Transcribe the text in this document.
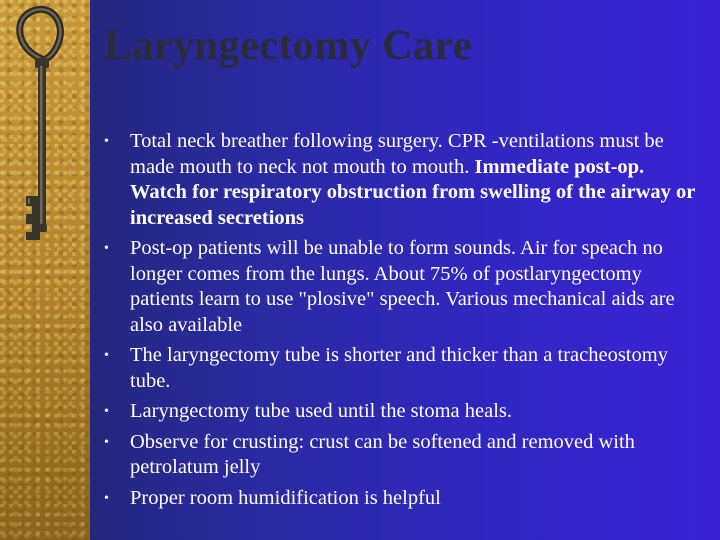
Laryngectomy Care
• Total neck breather following surgery. CPR -ventilations must be made mouth to neck not mouth to mouth. Immediate post-op. Watch for respiratory obstruction from swelling of the airway or increased secretions
• Post-op patients will be unable to form sounds. Air for speach no longer comes from the lungs. About 75% of postlaryngectomy patients learn to use "plosive" speech. Various mechanical aids are also available
• The laryngectomy tube is shorter and thicker than a tracheostomy tube.
• Laryngectomy tube used until the stoma heals.
• Observe for crusting: crust can be softened and removed with petrolatum jelly
• Proper room humidification is helpful
